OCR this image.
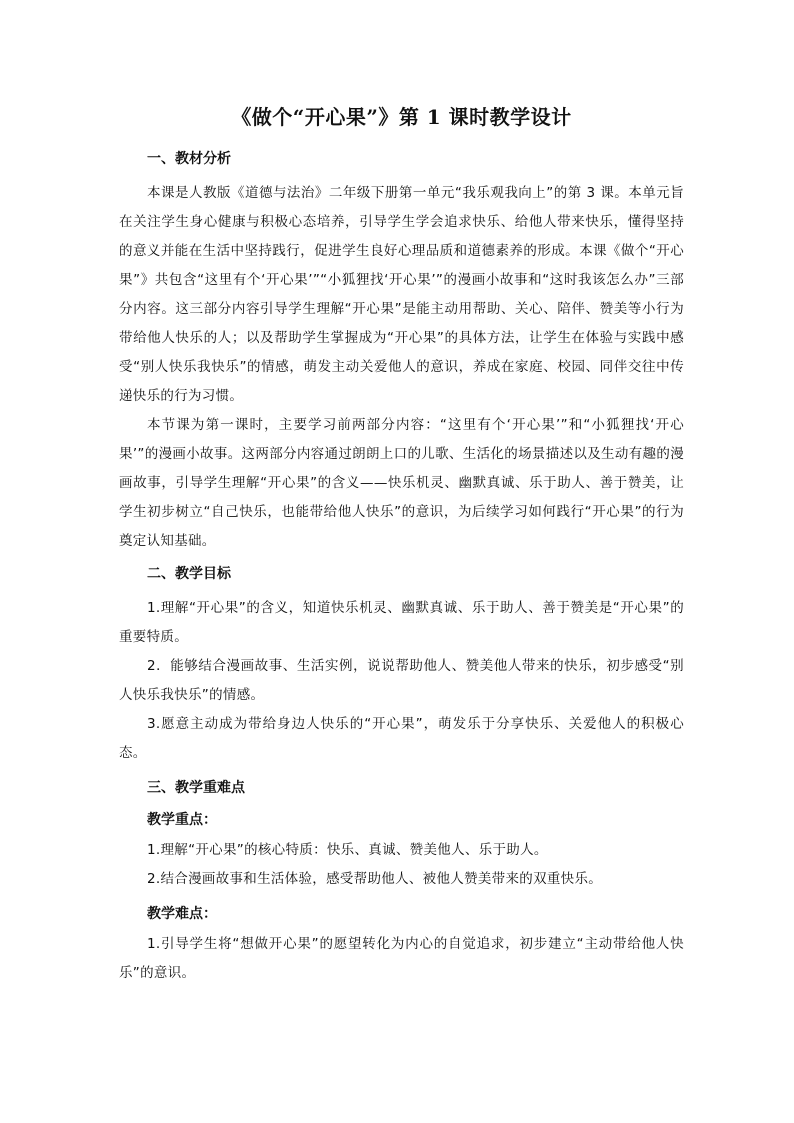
《做个“开心果”》第 1 课时教学设计
一、教材分析

本课是人教版《道德与法治》二年级下册第一单元“我乐观我向上”的第 3 课。本单元旨在关注学生身心健康与积极心态培养，引导学生学会追求快乐、给他人带来快乐，懂得坚持的意义并能在生活中坚持践行，促进学生良好心理品质和道德素养的形成。本课《做个“开心果”》共包含“这里有个‘开心果’”“小狐狸找‘开心果’”的漫画小故事和“这时我该怎么办”三部分内容。这三部分内容引导学生理解“开心果”是能主动用帮助、关心、陪伴、赞美等小行为带给他人快乐的人；以及帮助学生掌握成为“开心果”的具体方法，让学生在体验与实践中感受“别人快乐我快乐”的情感，萌发主动关爱他人的意识，养成在家庭、校园、同伴交往中传递快乐的行为习惯。

本节课为第一课时，主要学习前两部分内容：“这里有个‘开心果’”和“小狐狸找‘开心果’”的漫画小故事。这两部分内容通过朗朗上口的儿歌、生活化的场景描述以及生动有趣的漫画故事，引导学生理解“开心果”的含义——快乐机灵、幽默真诚、乐于助人、善于赞美，让学生初步树立“自己快乐，也能带给他人快乐”的意识，为后续学习如何践行“开心果”的行为奠定认知基础。

二、教学目标

1.理解“开心果”的含义，知道快乐机灵、幽默真诚、乐于助人、善于赞美是“开心果”的重要特质。

2．能够结合漫画故事、生活实例，说说帮助他人、赞美他人带来的快乐，初步感受“别人快乐我快乐”的情感。

3.愿意主动成为带给身边人快乐的“开心果”，萌发乐于分享快乐、关爱他人的积极心态。

三、教学重难点
教学重点：

1.理解“开心果”的核心特质：快乐、真诚、赞美他人、乐于助人。

2.结合漫画故事和生活体验，感受帮助他人、被他人赞美带来的双重快乐。

教学难点：

1.引导学生将“想做开心果”的愿望转化为内心的自觉追求，初步建立“主动带给他人快乐”的意识。
